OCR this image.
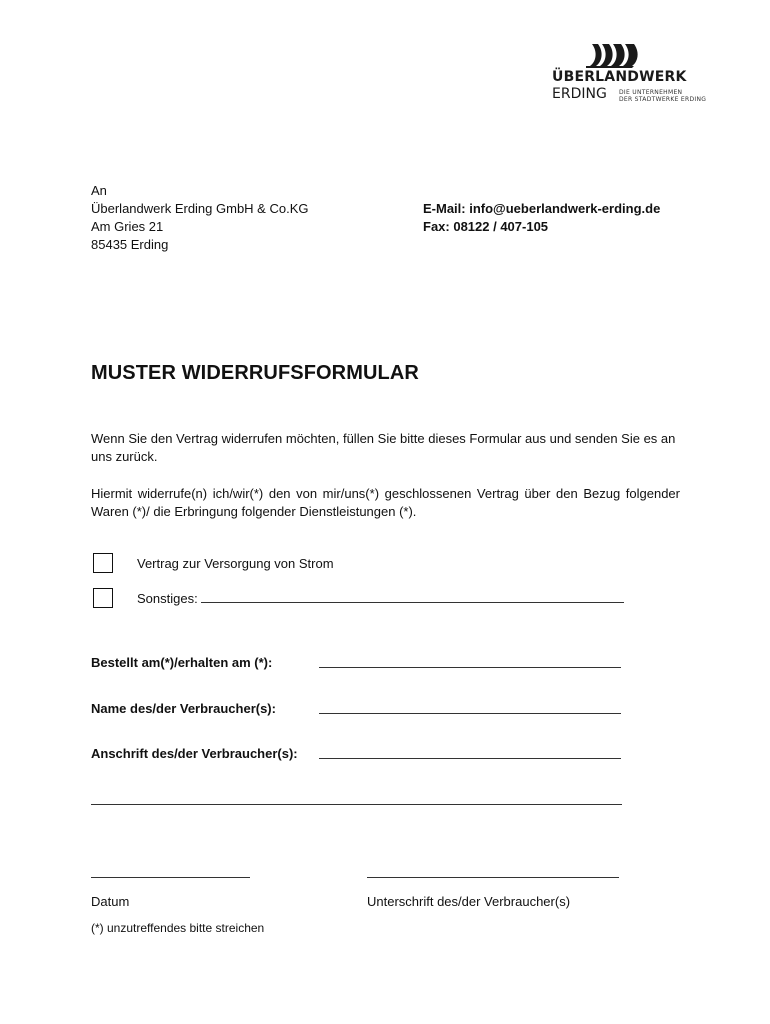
ÜBERLANDWERK
ERDING DIE UNTERNEHMEN
DER STADTWERKE ERDING
An
Überlandwerk Erding GmbH & Co.KG
Am Gries 21
85435 Erding
E-Mail: info@ueberlandwerk-erding.de
Fax: 08122 / 407-105
MUSTER WIDERRUFSFORMULAR
Wenn Sie den Vertrag widerrufen möchten, füllen Sie bitte dieses Formular aus und senden Sie es an uns zurück.
Hiermit widerrufe(n) ich/wir(*) den von mir/uns(*) geschlossenen Vertrag über den Bezug folgender Waren (*)/ die Erbringung folgender Dienstleistungen (*).
Vertrag zur Versorgung von Strom
Sonstiges:
Bestellt am(*)/erhalten am (*):
Name des/der Verbraucher(s):
Anschrift des/der Verbraucher(s):
Datum	Unterschrift des/der Verbraucher(s)
(*) unzutreffendes bitte streichen
